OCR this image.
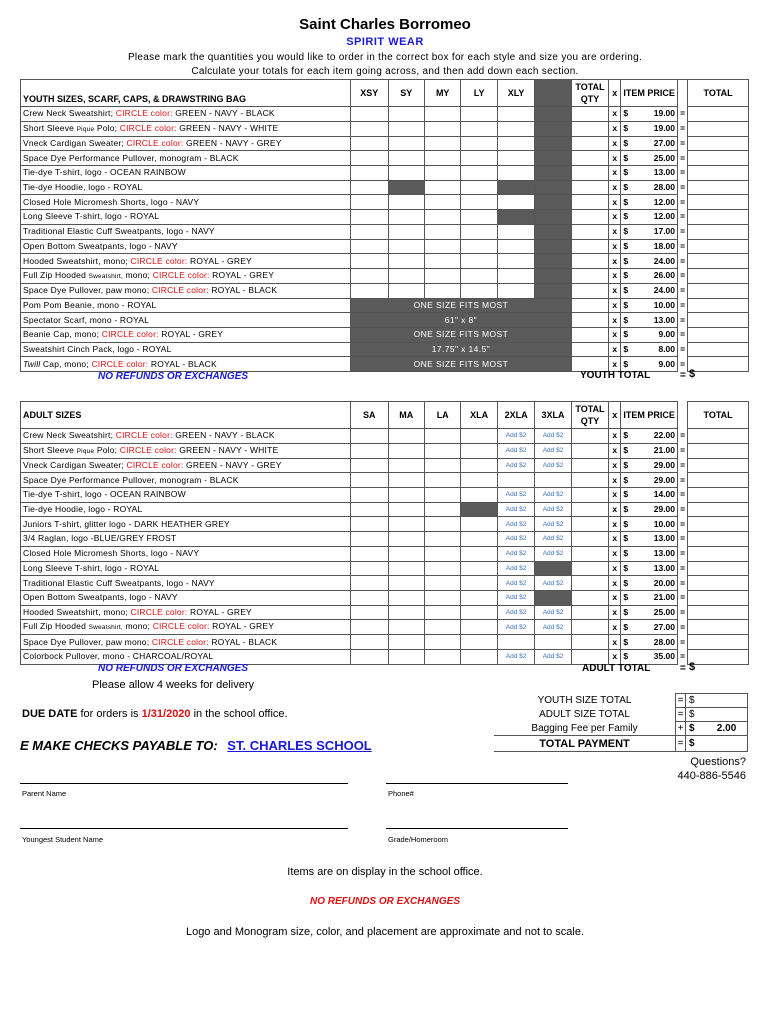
Saint Charles Borromeo
SPIRIT WEAR
Please mark the quantities you would like to order in the correct box for each style and size you are ordering.
Calculate your totals for each item going across, and then add down each section.
YOUTH SIZES, SCARF, CAPS, & DRAWSTRING BAG	XSY	SY	MY	LY	XLY		TOTAL QTY	x	ITEM PRICE		TOTAL
Crew Neck Sweatshirt; CIRCLE color: GREEN - NAVY - BLACK								x	$ 19.00	=	
Short Sleeve Pique Polo; CIRCLE color: GREEN - NAVY - WHITE								x	$ 19.00	=	
Vneck Cardigan Sweater; CIRCLE color: GREEN - NAVY - GREY								x	$ 27.00	=	
Space Dye Performance Pullover, monogram - BLACK								x	$ 25.00	=	
Tie-dye T-shirt, logo - OCEAN RAINBOW								x	$ 13.00	=	
Tie-dye Hoodie, logo - ROYAL								x	$ 28.00	=	
Closed Hole Micromesh Shorts, logo - NAVY								x	$ 12.00	=	
Long Sleeve T-shirt, logo - ROYAL								x	$ 12.00	=	
Traditional Elastic Cuff Sweatpants, logo - NAVY								x	$ 17.00	=	
Open Bottom Sweatpants, logo - NAVY								x	$ 18.00	=	
Hooded Sweatshirt, mono; CIRCLE color: ROYAL - GREY								x	$ 24.00	=	
Full Zip Hooded Sweatshirt, mono; CIRCLE color: ROYAL - GREY								x	$ 26.00	=	
Space Dye Pullover, paw mono; CIRCLE color: ROYAL - BLACK								x	$ 24.00	=	
Pom Pom Beanie, mono - ROYAL	ONE SIZE FITS MOST							x	$ 10.00	=	
Spectator Scarf, mono - ROYAL	61" x 8"							x	$ 13.00	=	
Beanie Cap, mono; CIRCLE color: ROYAL - GREY	ONE SIZE FITS MOST							x	$ 9.00	=	
Sweatshirt Cinch Pack, logo - ROYAL	17.75" x 14.5"							x	$ 8.00	=	
Twill Cap, mono; CIRCLE color: ROYAL - BLACK	ONE SIZE FITS MOST							x	$ 9.00	=	
NO REFUNDS OR EXCHANGES	YOUTH TOTAL	= $
ADULT SIZES	SA	MA	LA	XLA	2XLA	3XLA	TOTAL QTY	x	ITEM PRICE		TOTAL
Crew Neck Sweatshirt; CIRCLE color: GREEN - NAVY - BLACK					Add $2	Add $2		x	$ 22.00	=	
Short Sleeve Pique Polo; CIRCLE color: GREEN - NAVY - WHITE					Add $2	Add $2		x	$ 21.00	=	
Vneck Cardigan Sweater; CIRCLE color: GREEN - NAVY - GREY					Add $2	Add $2		x	$ 29.00	=	
Space Dye Performance Pullover, monogram - BLACK								x	$ 29.00	=	
Tie-dye T-shirt, logo - OCEAN RAINBOW					Add $2	Add $2		x	$ 14.00	=	
Tie-dye Hoodie, logo - ROYAL					Add $2	Add $2		x	$ 29.00	=	
Juniors T-shirt, glitter logo - DARK HEATHER GREY					Add $2	Add $2		x	$ 10.00	=	
3/4 Raglan, logo -BLUE/GREY FROST					Add $2	Add $2		x	$ 13.00	=	
Closed Hole Micromesh Shorts, logo - NAVY					Add $2	Add $2		x	$ 13.00	=	
Long Sleeve T-shirt, logo - ROYAL					Add $2			x	$ 13.00	=	
Traditional Elastic Cuff Sweatpants, logo - NAVY					Add $2	Add $2		x	$ 20.00	=	
Open Bottom Sweatpants, logo - NAVY					Add $2			x	$ 21.00	=	
Hooded Sweatshirt, mono; CIRCLE color: ROYAL - GREY					Add $2	Add $2		x	$ 25.00	=	
Full Zip Hooded Sweatshirt, mono; CIRCLE color: ROYAL - GREY					Add $2	Add $2		x	$ 27.00	=	
Space Dye Pullover, paw mono; CIRCLE color: ROYAL - BLACK								x	$ 28.00	=	
Colorbock Pullover, mono - CHARCOAL/ROYAL					Add $2	Add $2		x	$ 35.00	=	
NO REFUNDS OR EXCHANGES	ADULT TOTAL	= $
Please allow 4 weeks for delivery
DUE DATE for orders is 1/31/2020 in the school office.
E MAKE CHECKS PAYABLE TO: ST. CHARLES SCHOOL
YOUTH SIZE TOTAL	=	$
ADULT SIZE TOTAL	=	$
Bagging Fee per Family	+	$        2.00
TOTAL PAYMENT	=	$
Questions?
440-886-5546
Parent Name	Phone#
Youngest Student Name	Grade/Homeroom
Items are on display in the school office.
NO REFUNDS OR EXCHANGES
Logo and Monogram size, color, and placement are approximate and not to scale.
